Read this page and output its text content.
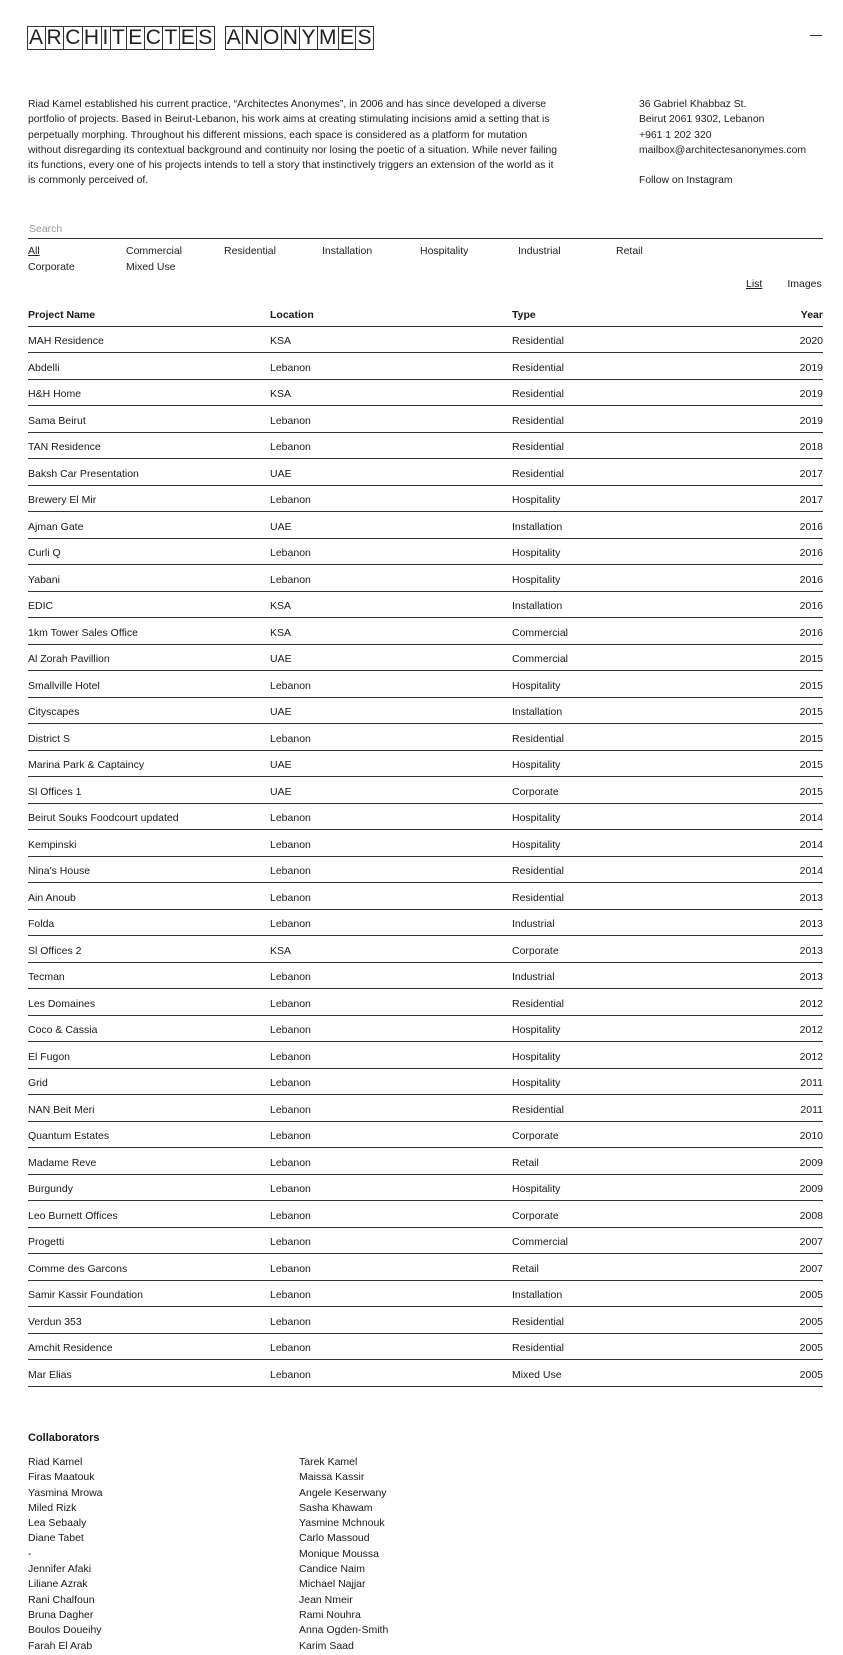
A R C H I T E C T E S A N O N Y M E S
Riad Kamel established his current practice, “Architectes Anonymes”, in 2006 and has since developed a diverse portfolio of projects. Based in Beirut-Lebanon, his work aims at creating stimulating incisions amid a setting that is perpetually morphing. Throughout his different missions, each space is considered as a platform for mutation without disregarding its contextual background and continuity nor losing the poetic of a situation. While never failing its functions, every one of his projects intends to tell a story that instinctively triggers an extension of the world as it is commonly perceived of.
36 Gabriel Khabbaz St.
Beirut 2061 9302, Lebanon
+961 1 202 320
mailbox@architectesanonymes.com
Follow on Instagram
Search
All	Commercial	Residential	Installation	Hospitality	Industrial	Retail
Corporate	Mixed Use
List Images
Project Name	Location	Type	Year
MAH Residence	KSA	Residential	2020
Abdelli	Lebanon	Residential	2019
H&H Home	KSA	Residential	2019
Sama Beirut	Lebanon	Residential	2019
TAN Residence	Lebanon	Residential	2018
Baksh Car Presentation	UAE	Residential	2017
Brewery El Mir	Lebanon	Hospitality	2017
Ajman Gate	UAE	Installation	2016
Curli Q	Lebanon	Hospitality	2016
Yabani	Lebanon	Hospitality	2016
EDIC	KSA	Installation	2016
1km Tower Sales Office	KSA	Commercial	2016
Al Zorah Pavillion	UAE	Commercial	2015
Smallville Hotel	Lebanon	Hospitality	2015
Cityscapes	UAE	Installation	2015
District S	Lebanon	Residential	2015
Marina Park & Captaincy	UAE	Hospitality	2015
Sl Offices 1	UAE	Corporate	2015
Beirut Souks Foodcourt updated	Lebanon	Hospitality	2014
Kempinski	Lebanon	Hospitality	2014
Nina's House	Lebanon	Residential	2014
Ain Anoub	Lebanon	Residential	2013
Folda	Lebanon	Industrial	2013
Sl Offices 2	KSA	Corporate	2013
Tecman	Lebanon	Industrial	2013
Les Domaines	Lebanon	Residential	2012
Coco & Cassia	Lebanon	Hospitality	2012
El Fugon	Lebanon	Hospitality	2012
Grid	Lebanon	Hospitality	2011
NAN Beit Meri	Lebanon	Residential	2011
Quantum Estates	Lebanon	Corporate	2010
Madame Reve	Lebanon	Retail	2009
Burgundy	Lebanon	Hospitality	2009
Leo Burnett Offices	Lebanon	Corporate	2008
Progetti	Lebanon	Commercial	2007
Comme des Garcons	Lebanon	Retail	2007
Samir Kassir Foundation	Lebanon	Installation	2005
Verdun 353	Lebanon	Residential	2005
Amchit Residence	Lebanon	Residential	2005
Mar Elias	Lebanon	Mixed Use	2005
Collaborators
Riad Kamel
Firas Maatouk
Yasmina Mrowa
Miled Rizk
Lea Sebaaly
Diane Tabet
-
Jennifer Afaki
Liliane Azrak
Rani Chalfoun
Bruna Dagher
Boulos Doueihy
Farah El Arab
Tarek Kamel
Maissa Kassir
Angele Keserwany
Sasha Khawam
Yasmine Mchnouk
Carlo Massoud
Monique Moussa
Candice Naim
Michael Najjar
Jean Nmeir
Rami Nouhra
Anna Ogden-Smith
Karim Saad
